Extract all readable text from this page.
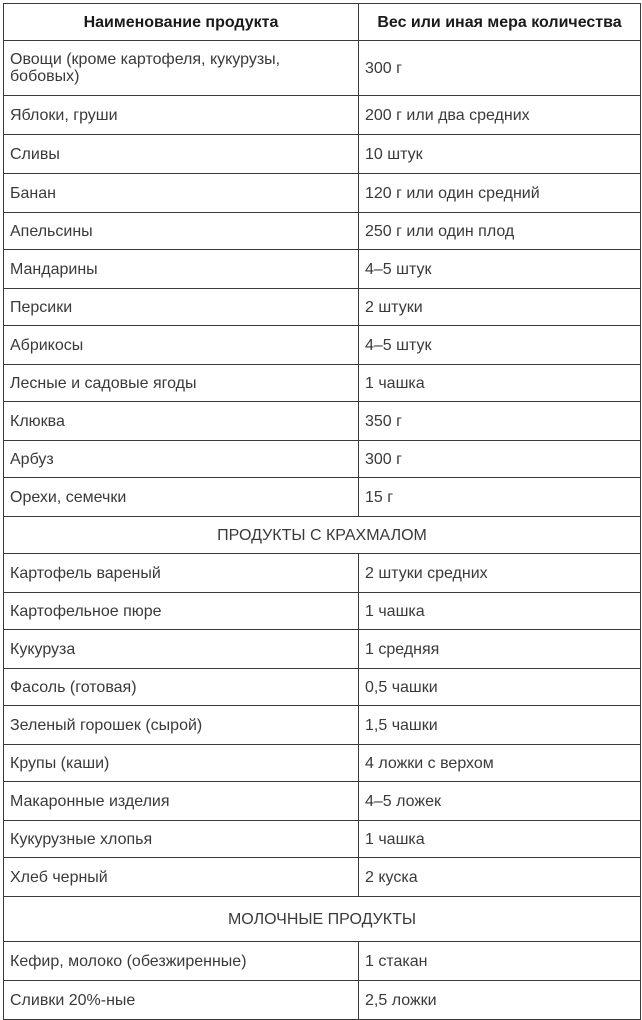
Наименование продукта	Вес или иная мера количества
Овощи (кроме картофеля, кукурузы, бобовых)	300 г
Яблоки, груши	200 г или два средних
Сливы	10 штук
Банан	120 г или один средний
Апельсины	250 г или один плод
Мандарины	4–5 штук
Персики	2 штуки
Абрикосы	4–5 штук
Лесные и садовые ягоды	1 чашка
Клюква	350 г
Арбуз	300 г
Орехи, семечки	15 г
ПРОДУКТЫ С КРАХМАЛОМ	
Картофель вареный	2 штуки средних
Картофельное пюре	1 чашка
Кукуруза	1 средняя
Фасоль (готовая)	0,5 чашки
Зеленый горошек (сырой)	1,5 чашки
Крупы (каши)	4 ложки с верхом
Макаронные изделия	4–5 ложек
Кукурузные хлопья	1 чашка
Хлеб черный	2 куска
МОЛОЧНЫЕ ПРОДУКТЫ	
Кефир, молоко (обезжиренные)	1 стакан
Сливки 20%-ные	2,5 ложки
